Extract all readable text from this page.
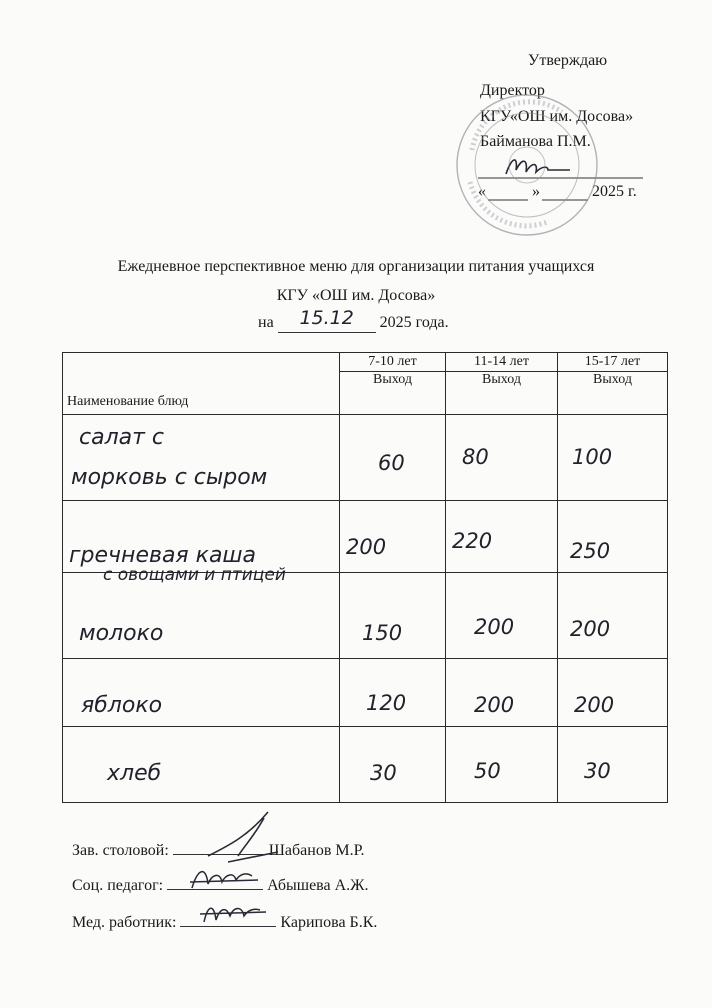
Утверждаю
Директор
КГУ«ОШ им. Досова»
Байманова П.М.
«	»	2025 г.
Ежедневное перспективное меню для организации питания учащихся
КГУ «ОШ им. Досова»
на 15.12 2025 года.
Наименование блюд	7-10 лет	11-14 лет	15-17 лет
	Выход	Выход	Выход

салат с
морковь с сыром	60	80	100

гречневая каша	200	220	250

с овощами и птицей
молоко	150	200	200

яблоко	120	200	200

хлеб	30	50	30
Зав. столовой:	Шабанов М.Р.
Соц. педагог:	Абышева А.Ж.
Мед. работник:	Карипова Б.К.
